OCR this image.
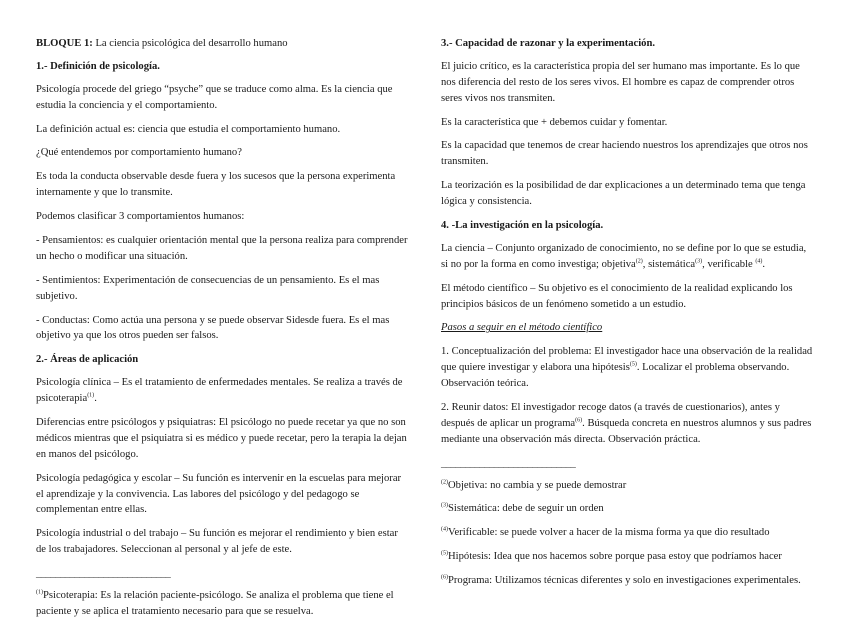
BLOQUE 1: La ciencia psicológica del desarrollo humano

1.- Definición de psicología.

Psicología procede del griego “psyche” que se traduce como alma. Es la ciencia que estudia la conciencia y el comportamiento.

La definición actual es: ciencia que estudia el comportamiento humano.

¿Qué entendemos por comportamiento humano?

Es toda la conducta observable desde fuera y los sucesos que la persona experimenta internamente y que lo transmite.

Podemos clasificar 3 comportamientos humanos:

- Pensamientos: es cualquier orientación mental que la persona realiza para comprender un hecho o modificar una situación.

- Sentimientos: Experimentación de consecuencias de un pensamiento. Es el mas subjetivo.

- Conductas: Como actúa una persona y se puede observar Sidesde fuera. Es el mas objetivo ya que los otros pueden ser falsos.

2.- Áreas de aplicación

Psicología clínica – Es el tratamiento de enfermedades mentales. Se realiza a través de psicoterapia$^{(1)}$.

Diferencias entre psicólogos y psiquiatras: El psicólogo no puede recetar ya que no son médicos mientras que el psiquiatra si es médico y puede recetar, pero la terapia la dejan en manos del psicólogo.

Psicología pedagógica y escolar – Su función es intervenir en la escuelas para mejorar el aprendizaje y la convivencia. Las labores del psicólogo y del pedagogo se complementan entre ellas.

Psicología industrial o del trabajo – Su función es mejorar el rendimiento y bien estar de los trabajadores. Seleccionan al personal y al jefe de este.

____________________________

$^{(1)}$Psicoterapia: Es la relación paciente-psicólogo. Se analiza el problema que tiene el paciente y se aplica el tratamiento necesario para que se resuelva.

3.- Capacidad de razonar y la experimentación.

El juicio crítico, es la característica propia del ser humano mas importante. Es lo que nos diferencia del resto de los seres vivos. El hombre es capaz de comprender otros seres vivos nos transmiten.

Es la característica que + debemos cuidar y fomentar.

Es la capacidad que tenemos de crear haciendo nuestros los aprendizajes que otros nos transmiten.

La teorización es la posibilidad de dar explicaciones a un determinado tema que tenga lógica y consistencia.

4. -La investigación en la psicología.

La ciencia – Conjunto organizado de conocimiento, no se define por lo que se estudia, si no por la forma en como investiga; objetiva$^{(2)}$, sistemática$^{(3)}$, verificable $^{(4)}$.

El método científico – Su objetivo es el conocimiento de la realidad explicando los principios básicos de un fenómeno sometido a un estudio.

Pasos a seguir en el método científico

1. Conceptualización del problema: El investigador hace una observación de la realidad que quiere investigar y elabora una hipótesis$^{(5)}$. Localizar el problema observando. Observación teórica.

2. Reunir datos: El investigador recoge datos (a través de cuestionarios), antes y después de aplicar un programa$^{(6)}$. Búsqueda concreta en nuestros alumnos y sus padres mediante una observación más directa. Observación práctica.

____________________________

$^{(2)}$Objetiva: no cambia y se puede demostrar

$^{(3)}$Sistemática: debe de seguir un orden

$^{(4)}$Verificable: se puede volver a hacer de la misma forma ya que dio resultado

$^{(5)}$Hipótesis: Idea que nos hacemos sobre porque pasa estoy que podríamos hacer

$^{(6)}$Programa: Utilizamos técnicas diferentes y solo en investigaciones experimentales.
